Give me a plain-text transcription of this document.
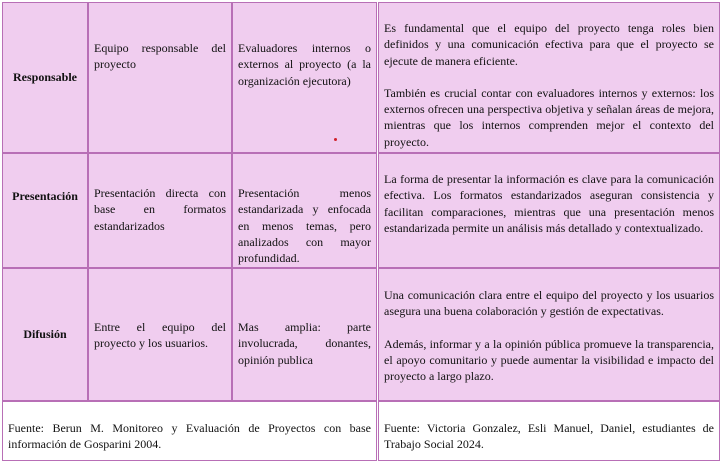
Responsable
Equipo responsable del proyecto
Evaluadores internos o externos al proyecto (a la organización ejecutora)

Es fundamental que el equipo del proyecto tenga roles bien definidos y una comunicación efectiva para que el proyecto se ejecute de manera eficiente.

También es crucial contar con evaluadores internos y externos: los externos ofrecen una perspectiva objetiva y señalan áreas de mejora, mientras que los internos comprenden mejor el contexto del proyecto.

Presentación	Presentación directa con base en formatos estandarizados
Presentación menos estandarizada y enfocada en menos temas, pero analizados con mayor profundidad.

La forma de presentar la información es clave para la comunicación efectiva. Los formatos estandarizados aseguran consistencia y facilitan comparaciones, mientras que una presentación menos estandarizada permite un análisis más detallado y contextualizado.

Difusión
Entre el equipo del proyecto y los usuarios.
Mas amplia: parte involucrada, donantes, opinión publica

Una comunicación clara entre el equipo del proyecto y los usuarios asegura una buena colaboración y gestión de expectativas.

Además, informar y a la opinión pública promueve la transparencia, el apoyo comunitario y puede aumentar la visibilidad e impacto del proyecto a largo plazo.

Fuente: Berun M. Monitoreo y Evaluación de Proyectos con base información de Gosparini 2004.
Fuente: Victoria Gonzalez, Esli Manuel, Daniel, estudiantes de Trabajo Social 2024.
